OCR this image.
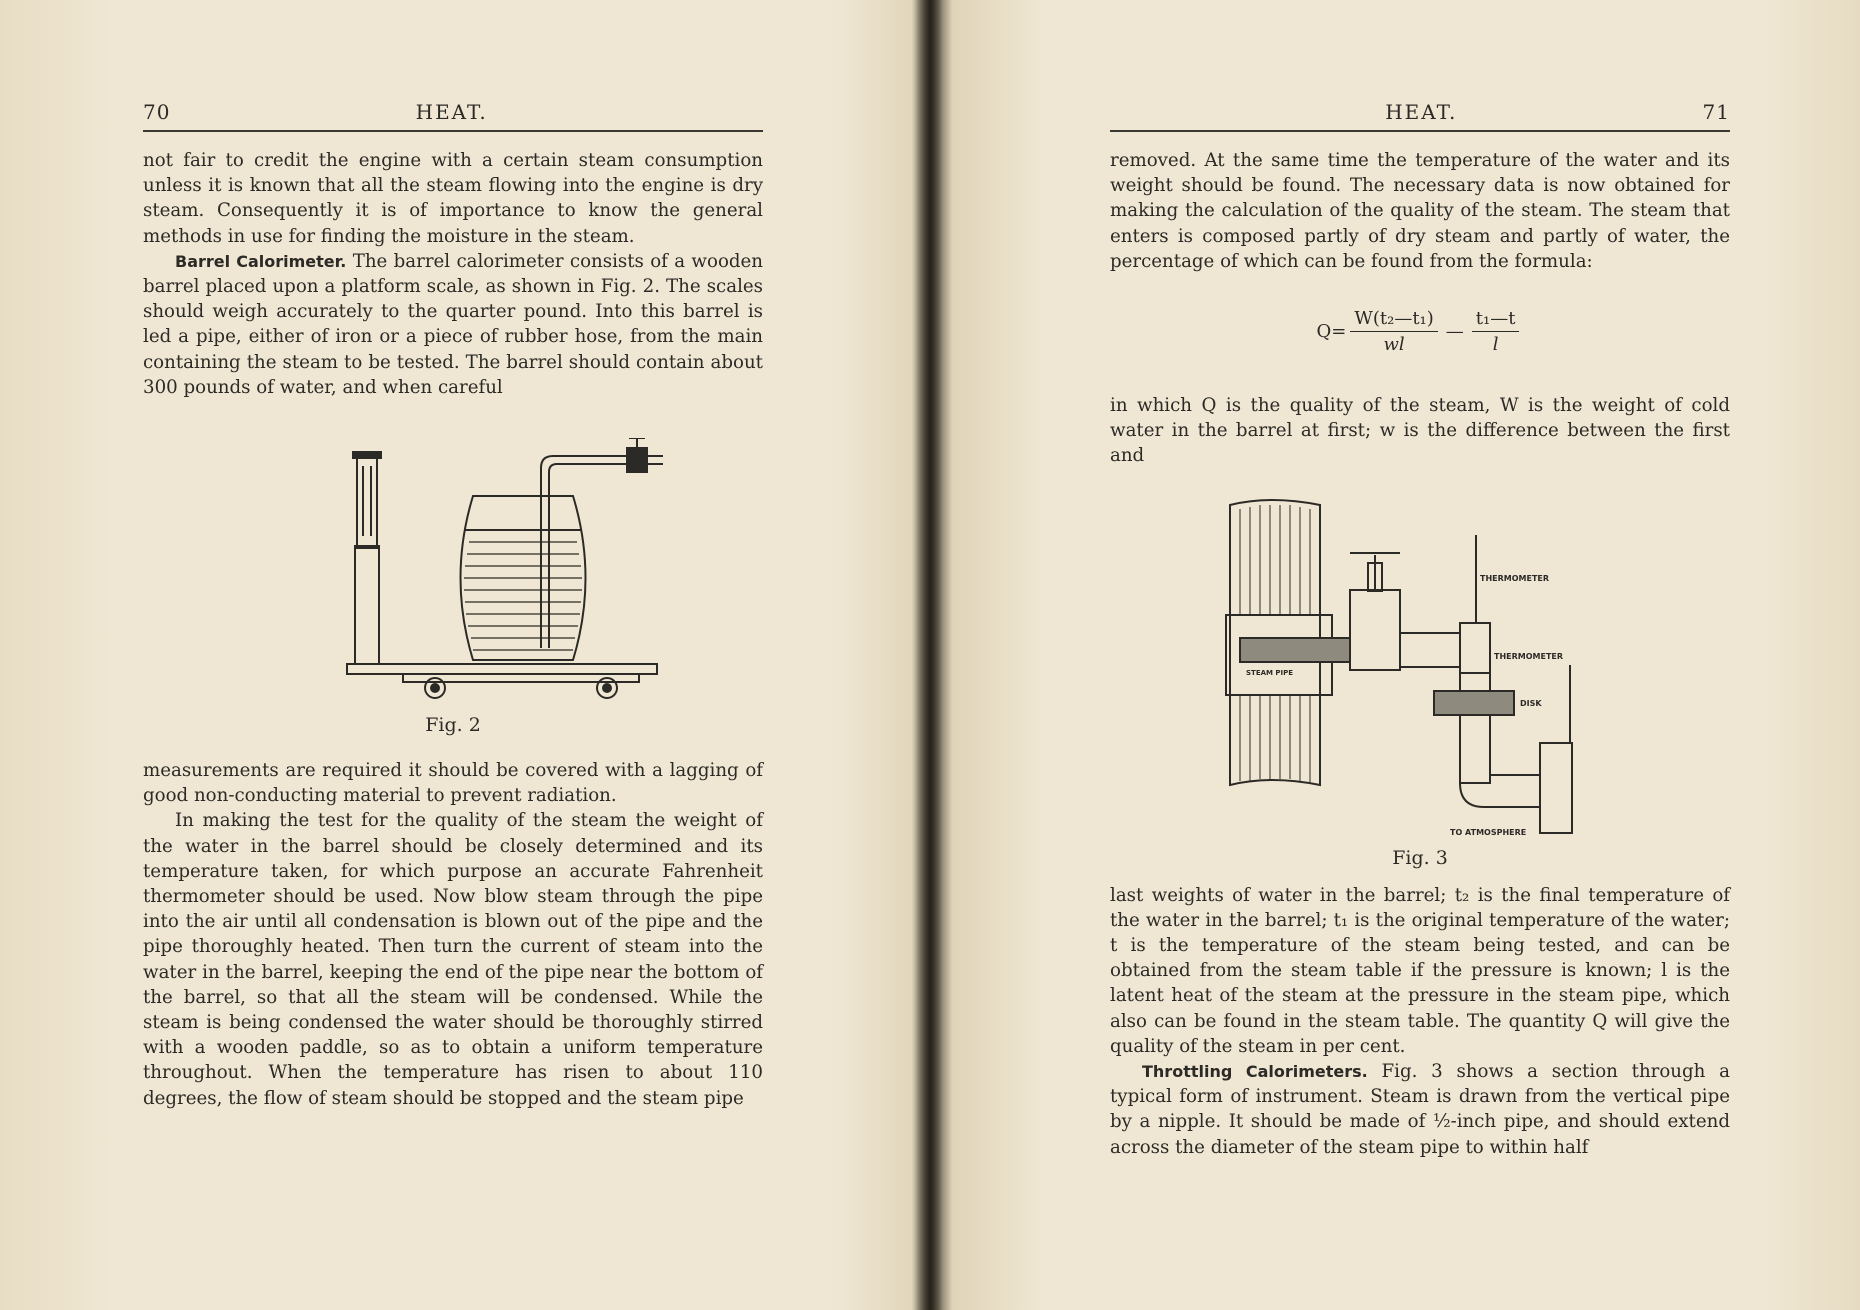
70	HEAT.

not fair to credit the engine with a certain steam consumption unless it is known that all the steam flowing into the engine is dry steam. Consequently it is of importance to know the general methods in use for finding the moisture in the steam.

Barrel Calorimeter. The barrel calorimeter consists of a wooden barrel placed upon a platform scale, as shown in Fig. 2. The scales should weigh accurately to the quarter pound. Into this barrel is led a pipe, either of iron or a piece of rubber hose, from the main containing the steam to be tested. The barrel should contain about 300 pounds of water, and when careful

Fig. 2

measurements are required it should be covered with a lagging of good non-conducting material to prevent radiation.

In making the test for the quality of the steam the weight of the water in the barrel should be closely determined and its temperature taken, for which purpose an accurate Fahrenheit thermometer should be used. Now blow steam through the pipe into the air until all condensation is blown out of the pipe and the pipe thoroughly heated. Then turn the current of steam into the water in the barrel, keeping the end of the pipe near the bottom of the barrel, so that all the steam will be condensed. While the steam is being condensed the water should be thoroughly stirred with a wooden paddle, so as to obtain a uniform temperature throughout. When the temperature has risen to about 110 degrees, the flow of steam should be stopped and the steam pipe

HEAT.	71

removed. At the same time the temperature of the water and its weight should be found. The necessary data is now obtained for making the calculation of the quality of the steam. The steam that enters is composed partly of dry steam and partly of water, the percentage of which can be found from the formula:

$Q= \frac{\text{W(t₂—t₁)}}{wl}$ — $\frac{\text{t₁—t}}{l}$

in which Q is the quality of the steam, W is the weight of cold water in the barrel at first; w is the difference between the first and

THERMOMETER
THERMOMETER
DISK
STEAM PIPE
TO ATMOSPHERE
Fig. 3

last weights of water in the barrel; t₂ is the final temperature of the water in the barrel; t₁ is the original temperature of the water; t is the temperature of the steam being tested, and can be obtained from the steam table if the pressure is known; l is the latent heat of the steam at the pressure in the steam pipe, which also can be found in the steam table. The quantity Q will give the quality of the steam in per cent.

Throttling Calorimeters. Fig. 3 shows a section through a typical form of instrument. Steam is drawn from the vertical pipe by a nipple. It should be made of ½-inch pipe, and should extend across the diameter of the steam pipe to within half
